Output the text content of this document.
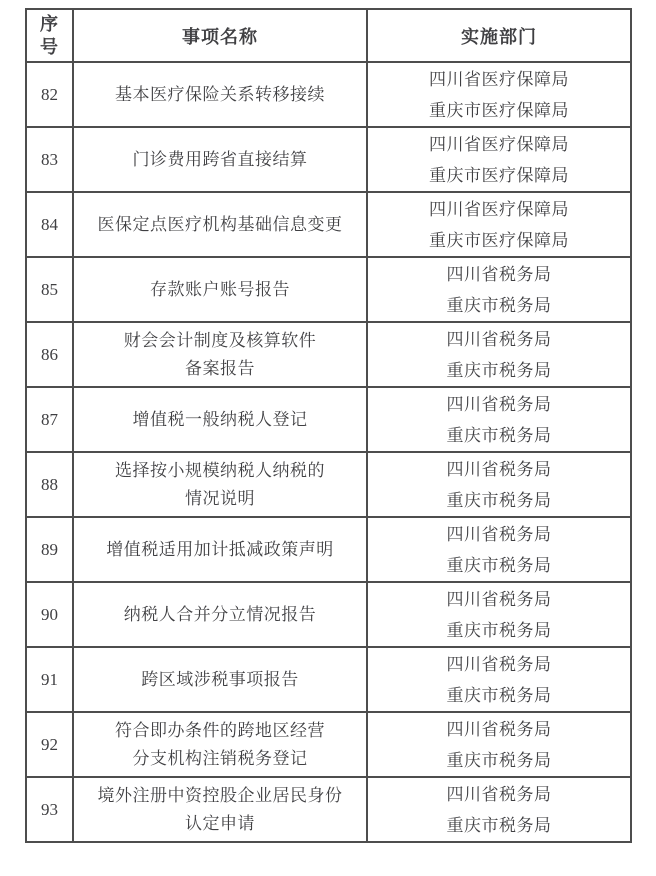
序
号	事项名称	实施部门
82	基本医疗保险关系转移接续	四川省医疗保障局
重庆市医疗保障局

83	门诊费用跨省直接结算	四川省医疗保障局
重庆市医疗保障局

84	医保定点医疗机构基础信息变更	四川省医疗保障局
重庆市医疗保障局

85	存款账户账号报告	四川省税务局
重庆市税务局

86	财会会计制度及核算软件
备案报告	四川省税务局
重庆市税务局

87	增值税一般纳税人登记	四川省税务局
重庆市税务局

88	选择按小规模纳税人纳税的
情况说明	四川省税务局
重庆市税务局

89	增值税适用加计抵减政策声明	四川省税务局
重庆市税务局

90	纳税人合并分立情况报告	四川省税务局
重庆市税务局

91	跨区域涉税事项报告	四川省税务局
重庆市税务局

92	符合即办条件的跨地区经营
分支机构注销税务登记	四川省税务局
重庆市税务局

93	境外注册中资控股企业居民身份
认定申请	四川省税务局
重庆市税务局
